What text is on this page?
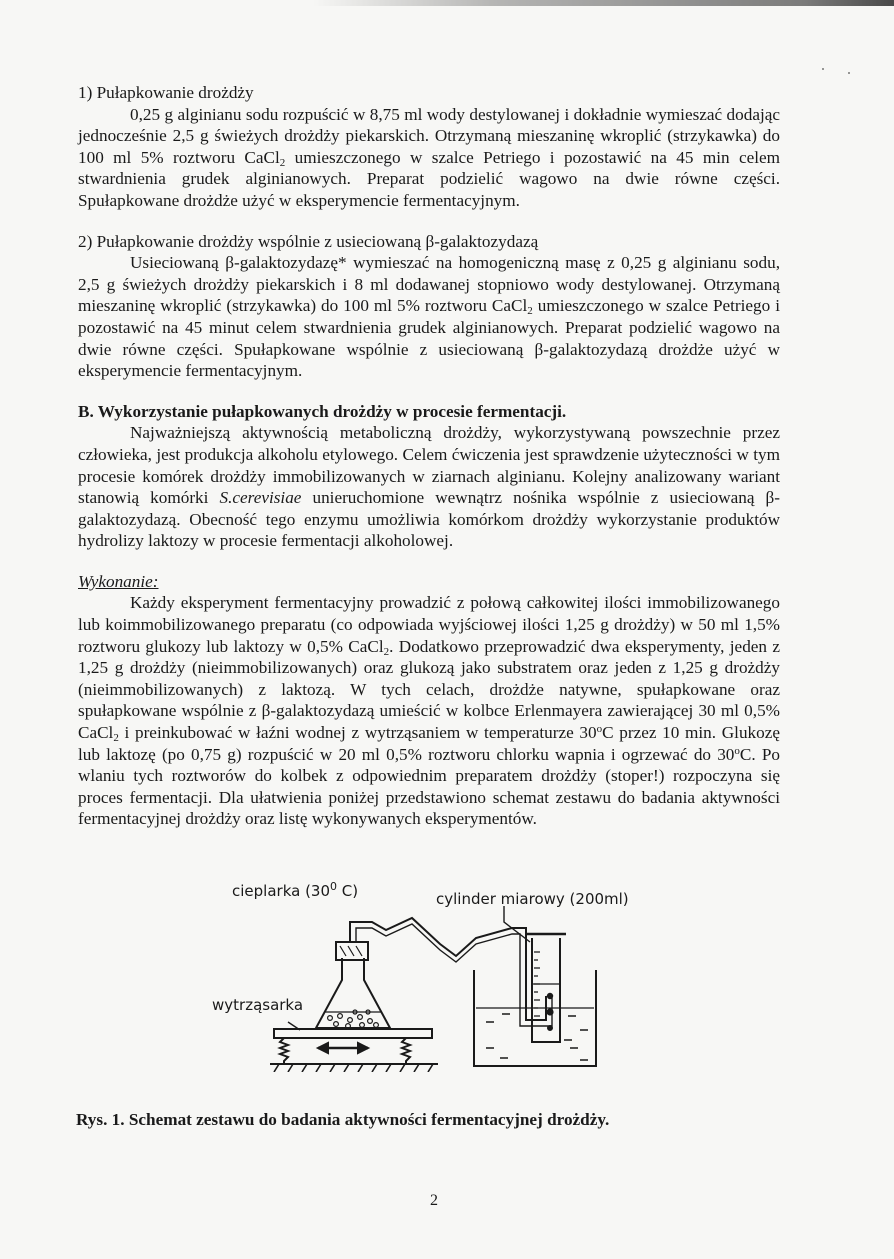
1) Pułapkowanie drożdży

0,25 g alginianu sodu rozpuścić w 8,75 ml wody destylowanej i dokładnie wymieszać dodając jednocześnie 2,5 g świeżych drożdży piekarskich. Otrzymaną mieszaninę wkroplić (strzykawka) do 100 ml 5% roztworu CaCl$_2$ umieszczonego w szalce Petriego i pozostawić na 45 min celem stwardnienia grudek alginianowych. Preparat podzielić wagowo na dwie równe części. Spułapkowane drożdże użyć w eksperymencie fermentacyjnym.

2) Pułapkowanie drożdży wspólnie z usieciowaną β-galaktozydazą

Usieciowaną β-galaktozydazę* wymieszać na homogeniczną masę z 0,25 g alginianu sodu, 2,5 g świeżych drożdży piekarskich i 8 ml dodawanej stopniowo wody destylowanej. Otrzymaną mieszaninę wkroplić (strzykawka) do 100 ml 5% roztworu CaCl$_2$ umieszczonego w szalce Petriego i pozostawić na 45 minut celem stwardnienia grudek alginianowych. Preparat podzielić wagowo na dwie równe części. Spułapkowane wspólnie z usieciowaną β-galaktozydazą drożdże użyć w eksperymencie fermentacyjnym.

B. Wykorzystanie pułapkowanych drożdży w procesie fermentacji.

Najważniejszą aktywnością metaboliczną drożdży, wykorzystywaną powszechnie przez człowieka, jest produkcja alkoholu etylowego. Celem ćwiczenia jest sprawdzenie użyteczności w tym procesie komórek drożdży immobilizowanych w ziarnach alginianu. Kolejny analizowany wariant stanowią komórki S.cerevisiae unieruchomione wewnątrz nośnika wspólnie z usieciowaną β-galaktozydazą. Obecność tego enzymu umożliwia komórkom drożdży wykorzystanie produktów hydrolizy laktozy w procesie fermentacji alkoholowej.

Wykonanie:

Każdy eksperyment fermentacyjny prowadzić z połową całkowitej ilości immobilizowanego lub koimmobilizowanego preparatu (co odpowiada wyjściowej ilości 1,25 g drożdży) w 50 ml 1,5% roztworu glukozy lub laktozy w 0,5% CaCl$_2$. Dodatkowo przeprowadzić dwa eksperymenty, jeden z 1,25 g drożdży (nieimmobilizowanych) oraz glukozą jako substratem oraz jeden z 1,25 g drożdży (nieimmobilizowanych) z laktozą. W tych celach, drożdże natywne, spułapkowane oraz spułapkowane wspólnie z β-galaktozydazą umieścić w kolbce Erlenmayera zawierającej 30 ml 0,5% CaCl$_2$ i preinkubować w łaźni wodnej z wytrząsaniem w temperaturze 30$^o$C przez 10 min. Glukozę lub laktozę (po 0,75 g) rozpuścić w 20 ml 0,5% roztworu chlorku wapnia i ogrzewać do 30$^o$C. Po wlaniu tych roztworów do kolbek z odpowiednim preparatem drożdży (stoper!) rozpoczyna się proces fermentacji. Dla ułatwienia poniżej przedstawiono schemat zestawu do badania aktywności fermentacyjnej drożdży oraz listę wykonywanych eksperymentów.

cieplarka ($30^0$ C)	cylinder miarowy (200ml)
wytrząsarka
Rys. 1. Schemat zestawu do badania aktywności fermentacyjnej drożdży.
2
